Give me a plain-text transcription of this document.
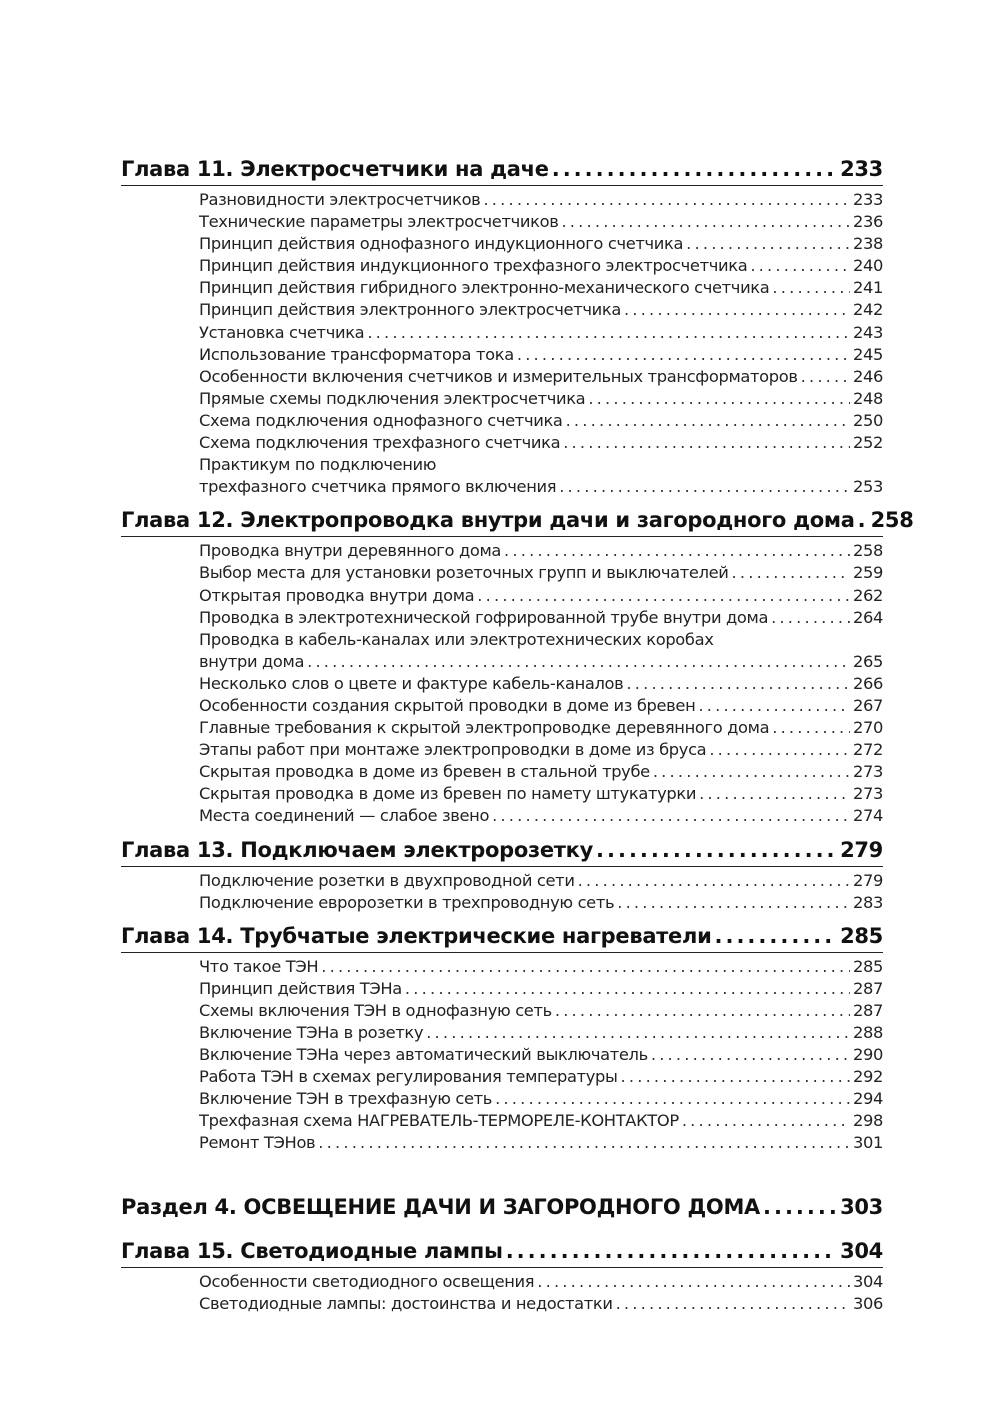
Глава 11. Электросчетчики на даче .....	233
Разновидности электросчетчиков . . .	233
Технические параметры электросчетчиков . . .	236
Принцип действия однофазного индукционного счетчика . . .	238
Принцип действия индукционного трехфазного электросчетчика . . .	240
Принцип действия гибридного электронно-механического счетчика . . .	241
Принцип действия электронного электросчетчика . . .	242
Установка счетчика . . .	243
Использование трансформатора тока . . .	245
Особенности включения счетчиков и измерительных трансформаторов . . .	246
Прямые схемы подключения электросчетчика . . .	248
Схема подключения однофазного счетчика . . .	250
Схема подключения трехфазного счетчика . . .	252
Практикум по подключению
трехфазного счетчика прямого включения . . .	253
Глава 12. Электропроводка внутри дачи и загородного дома ..... 258
Проводка внутри деревянного дома . . .	258
Выбор места для установки розеточных групп и выключателей . . .	259
Открытая проводка внутри дома . . .	262
Проводка в электротехнической гофрированной трубе внутри дома . . .	264
Проводка в кабель-каналах или электротехнических коробах
внутри дома . . .	265
Несколько слов о цвете и фактуре кабель-каналов . . .	266
Особенности создания скрытой проводки в доме из бревен . . .	267
Главные требования к скрытой электропроводке деревянного дома . . .	270
Этапы работ при монтаже электропроводки в доме из бруса . . .	272
Скрытая проводка в доме из бревен в стальной трубе . . .	273
Скрытая проводка в доме из бревен по намету штукатурки . . .	273
Места соединений — слабое звено . . .	274
Глава 13. Подключаем электророзетку .....	279
Подключение розетки в двухпроводной сети . . .	279
Подключение евророзетки в трехпроводную сеть . . .	283
Глава 14. Трубчатые электрические нагреватели .....	285
Что такое ТЭН . . .	285
Принцип действия ТЭНа . . .	287
Схемы включения ТЭН в однофазную сеть . . .	287
Включение ТЭНа в розетку . . .	288
Включение ТЭНа через автоматический выключатель . . .	290
Работа ТЭН в схемах регулирования температуры . . .	292
Включение ТЭН в трехфазную сеть . . .	294
Трехфазная схема НАГРЕВАТЕЛЬ-ТЕРМОРЕЛЕ-КОНТАКТОР . . .	298
Ремонт ТЭНов . . .	301
Раздел 4. ОСВЕЩЕНИЕ ДАЧИ И ЗАГОРОДНОГО ДОМА .....	303
Глава 15. Светодиодные лампы .....	304
Особенности светодиодного освещения . . .	304
Светодиодные лампы: достоинства и недостатки . . .	306
